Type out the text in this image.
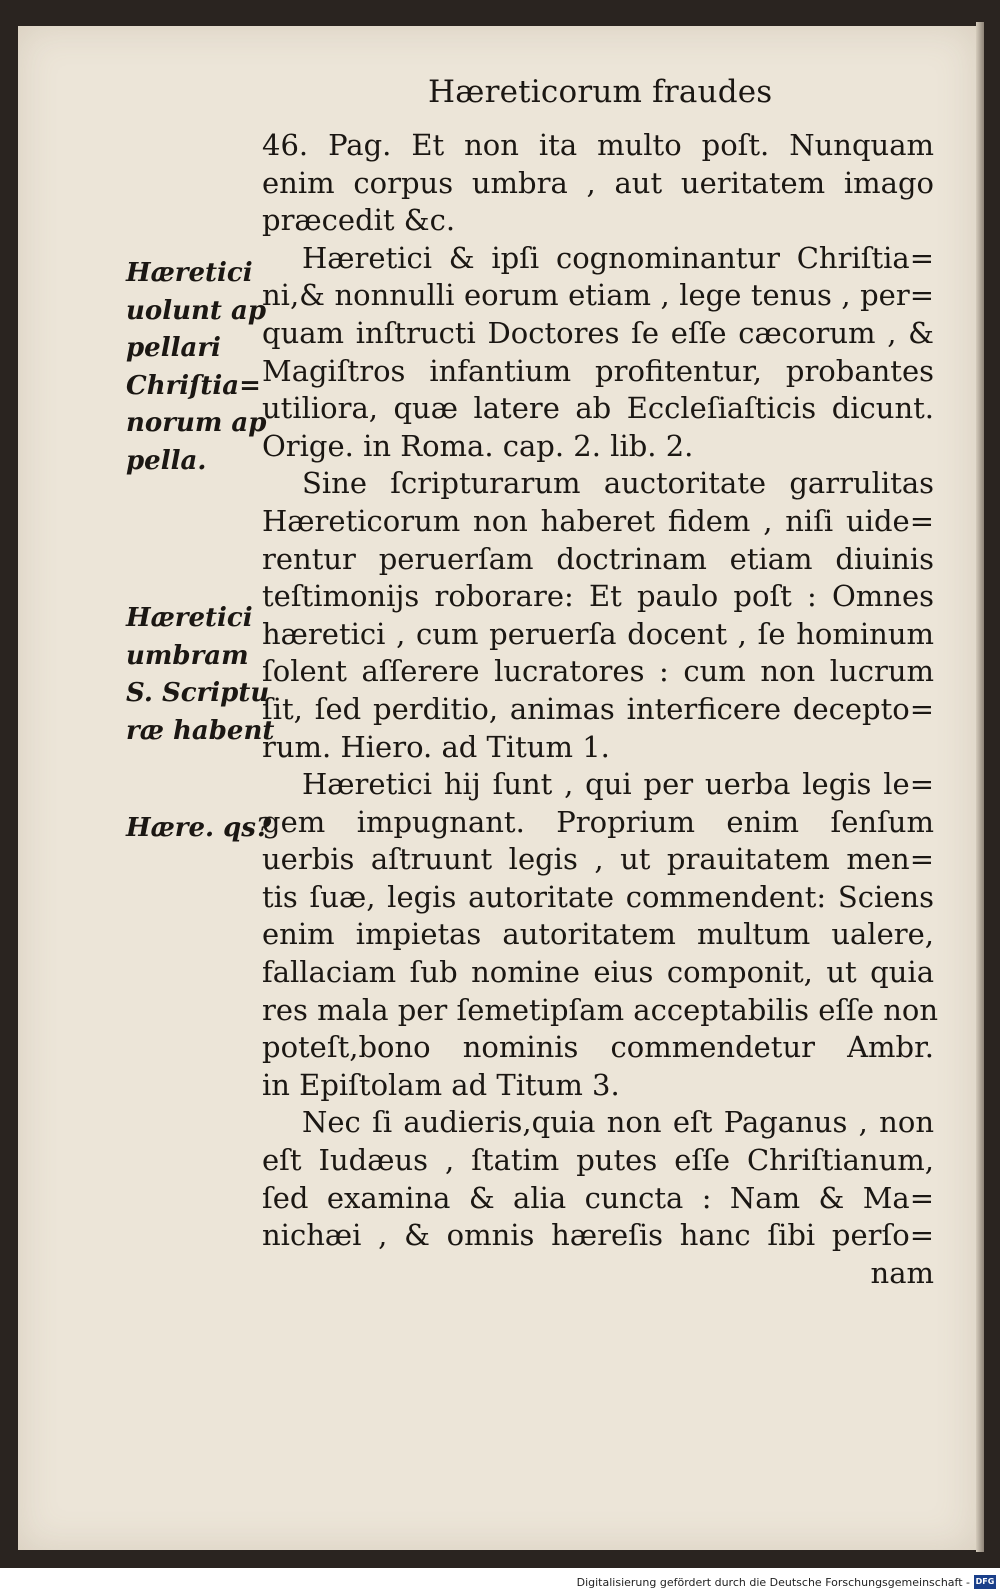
Hæreticorum fraudes
46. Pag. Et non ita multo poſt. Nunquam
enim corpus umbra , aut ueritatem imago
præcedit &c.
Hæretici & ipſi cognominantur Chriſtia=
ni,& nonnulli eorum etiam , lege tenus , per=
quam inſtructi Doctores ſe eſſe cæcorum , &
Magiſtros infantium profitentur, probantes
utiliora, quæ latere ab Eccleſiaſticis dicunt.
Orige. in Roma. cap. 2. lib. 2.
Sine ſcripturarum auctoritate garrulitas
Hæreticorum non haberet fidem , niſi uide=
rentur peruerſam doctrinam etiam diuinis
teſtimonijs roborare: Et paulo poſt : Omnes
hæretici , cum peruerſa docent , ſe hominum
ſolent aſſerere lucratores : cum non lucrum
ſit, ſed perditio, animas interficere decepto=
rum. Hiero. ad Titum 1.
Hæretici hij ſunt , qui per uerba legis le=
gem impugnant. Proprium enim ſenſum
uerbis aſtruunt legis , ut prauitatem men=
tis ſuæ, legis autoritate commendent: Sciens
enim impietas autoritatem multum ualere,
fallaciam ſub nomine eius componit, ut quia
res mala per ſemetipſam acceptabilis eſſe non
poteſt,bono nominis commendetur Ambr.
in Epiſtolam ad Titum 3.
Nec ſi audieris,quia non eſt Paganus , non
eſt Iudæus , ſtatim putes eſſe Chriſtianum,
ſed examina & alia cuncta : Nam & Ma=
nichæi , & omnis hæreſis hanc ſibi perſo=
nam
Hæretici
uolunt ap
pellari
Chriſtia=
norum ap
pella.
Hæretici
umbram
S. Scriptu
ræ habent
Hære. qs?
Digitalisierung gefördert durch die Deutsche Forschungsgemeinschaft - DFG
